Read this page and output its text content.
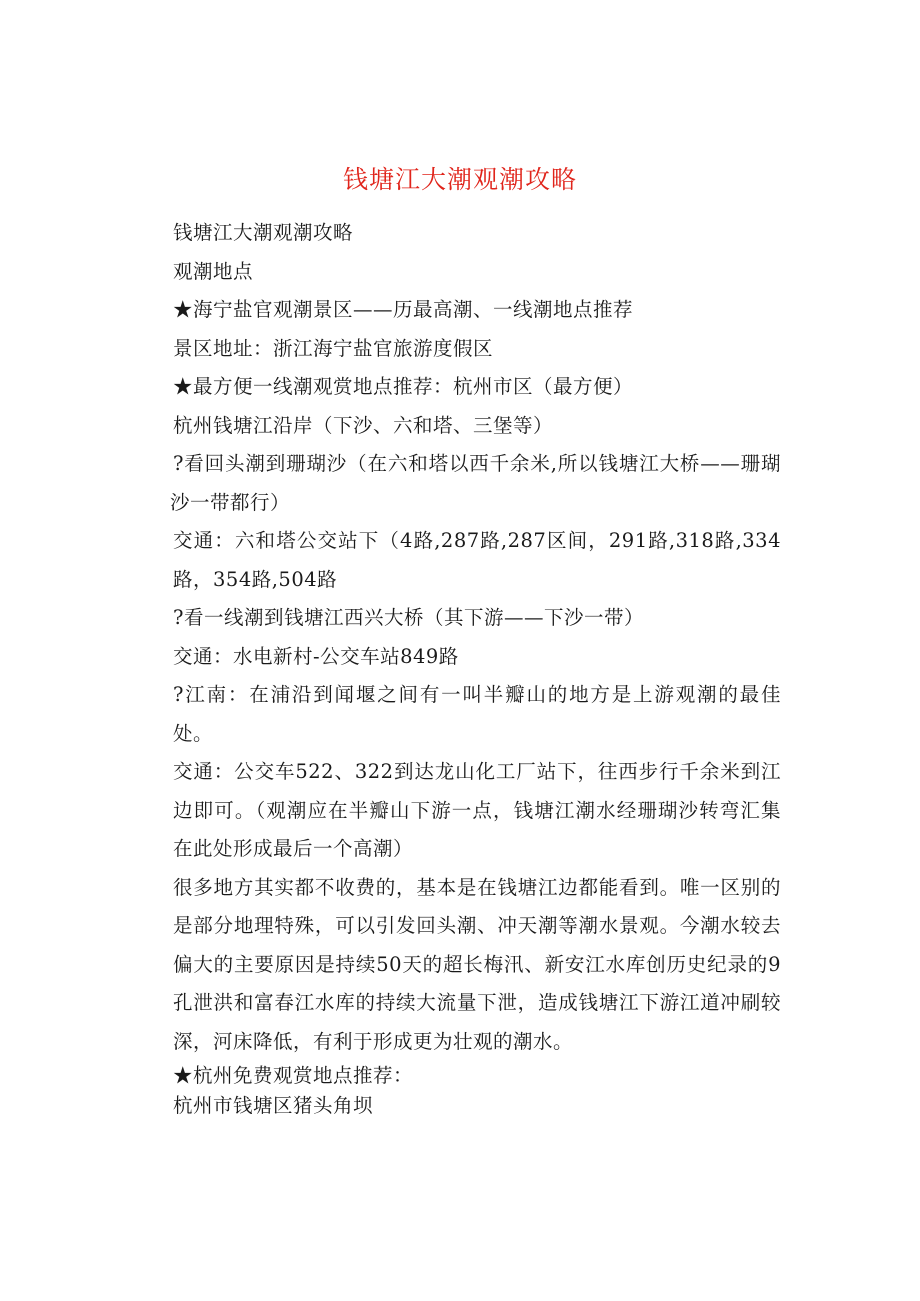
钱塘江大潮观潮攻略

钱塘江大潮观潮攻略

观潮地点

★海宁盐官观潮景区——历最高潮、一线潮地点推荐

景区地址：浙江海宁盐官旅游度假区

★最方便一线潮观赏地点推荐：杭州市区（最方便）

杭州钱塘江沿岸（下沙、六和塔、三堡等）

?看回头潮到珊瑚沙（在六和塔以西千余米,所以钱塘江大桥——珊瑚沙一带都行）

交通：六和塔公交站下（4路,287路,287区间，291路,318路,334路，354路,504路

?看一线潮到钱塘江西兴大桥（其下游——下沙一带）

交通：水电新村-公交车站849路

?江南：在浦沿到闻堰之间有一叫半瓣山的地方是上游观潮的最佳处。

交通：公交车522、322到达龙山化工厂站下，往西步行千余米到江边即可。（观潮应在半瓣山下游一点，钱塘江潮水经珊瑚沙转弯汇集在此处形成最后一个高潮）

很多地方其实都不收费的，基本是在钱塘江边都能看到。唯一区别的是部分地理特殊，可以引发回头潮、冲天潮等潮水景观。今潮水较去偏大的主要原因是持续50天的超长梅汛、新安江水库创历史纪录的9孔泄洪和富春江水库的持续大流量下泄，造成钱塘江下游江道冲刷较深，河床降低，有利于形成更为壮观的潮水。

★杭州免费观赏地点推荐：

杭州市钱塘区猪头角坝
